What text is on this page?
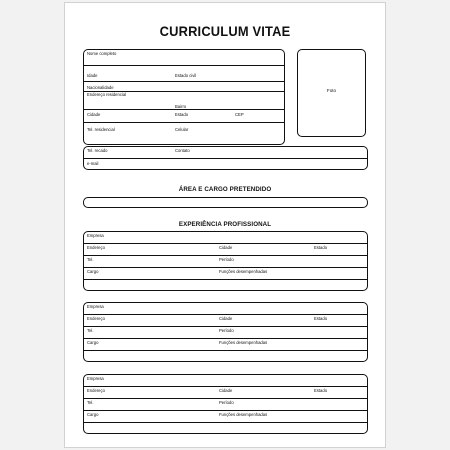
CURRICULUM VITAE
Nome completo
Idade	Estado civil
Nacionalidade
Endereço residencial
Bairro
Cidade	Estado	CEP
Tel. residencial	Celular
Foto
Tel. recado	Contato
e-mail
ÁREA E CARGO PRETENDIDO
EXPERIÊNCIA PROFISSIONAL
Empresa
Endereço	Cidade	Estado
Tel.	Período
Cargo	Funções desempenhadas
Empresa
Endereço	Cidade	Estado
Tel.	Período
Cargo	Funções desempenhadas
Empresa
Endereço	Cidade	Estado
Tel.	Período
Cargo	Funções desempenhadas
